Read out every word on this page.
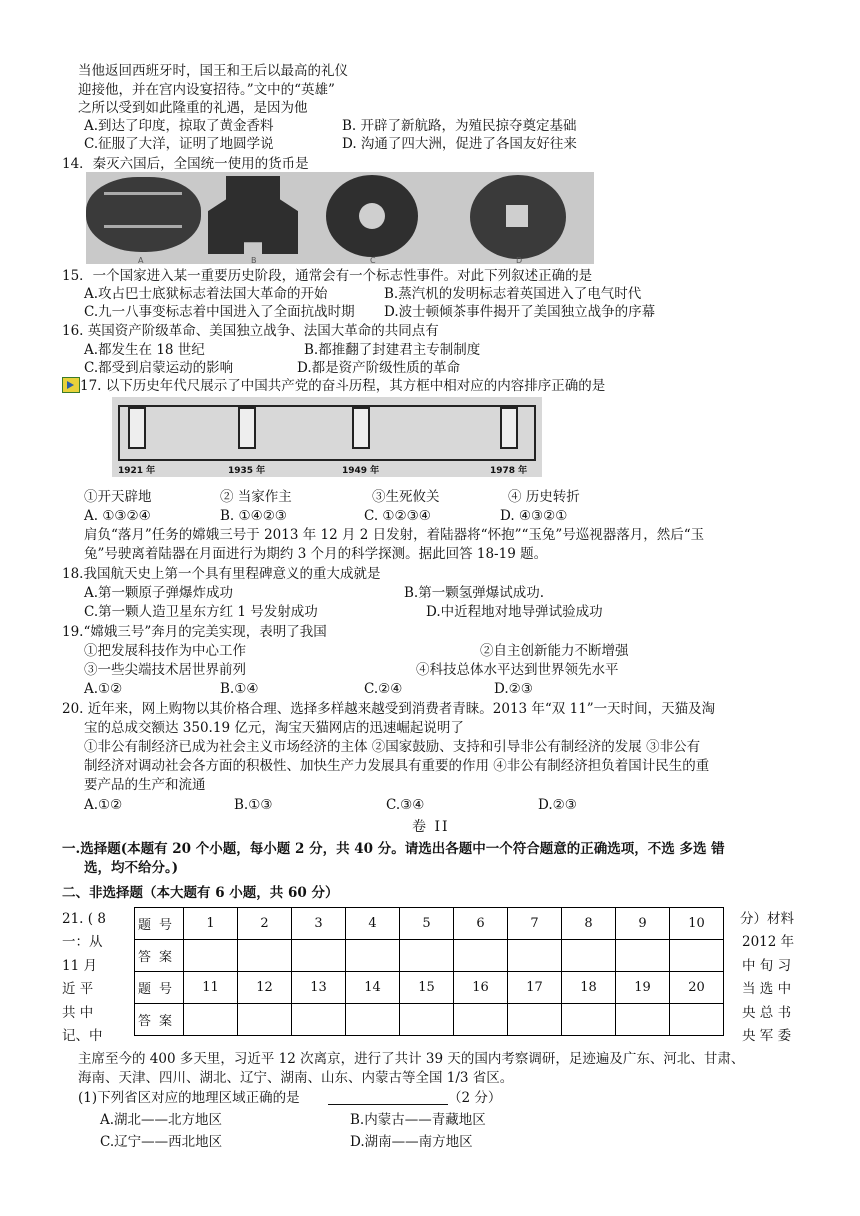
当他返回西班牙时，国王和王后以最高的礼仪
迎接他，并在宫内设宴招待。”文中的“英雄”
之所以受到如此隆重的礼遇，是因为他
A.到达了印度，掠取了黄金香料	B. 开辟了新航路，为殖民掠夺奠定基础
C.征服了大洋，证明了地圆学说	D. 沟通了四大洲，促进了各国友好往来
14．秦灭六国后，全国统一使用的货币是
A	B	C	D
15．一个国家进入某一重要历史阶段，通常会有一个标志性事件。对此下列叙述正确的是
A.攻占巴士底狱标志着法国大革命的开始	B.蒸汽机的发明标志着英国进入了电气时代
C.九一八事变标志着中国进入了全面抗战时期 D.波士顿倾茶事件揭开了美国独立战争的序幕
16. 英国资产阶级革命、美国独立战争、法国大革命的共同点有
A.都发生在 18 世纪	B.都推翻了封建君主专制制度
C.都受到启蒙运动的影响	D.都是资产阶级性质的革命
17. 以下历史年代尺展示了中国共产党的奋斗历程，其方框中相对应的内容排序正确的是
1921 年	1935 年	1949 年	1978 年
①开天辟地	② 当家作主	③生死攸关	④ 历史转折
A. ①③②④	B. ①④②③	C. ①②③④	D. ④③②①
肩负“落月”任务的嫦娥三号于 2013 年 12 月 2 日发射，着陆器将“怀抱”“玉兔”号巡视器落月，然后“玉
兔”号驶离着陆器在月面进行为期约 3 个月的科学探测。据此回答 18-19 题。
18.我国航天史上第一个具有里程碑意义的重大成就是
A.第一颗原子弹爆炸成功	B.第一颗氢弹爆试成功.
C.第一颗人造卫星东方红 1 号发射成功	D.中近程地对地导弹试验成功
19.“嫦娥三号”奔月的完美实现，表明了我国
①把发展科技作为中心工作	②自主创新能力不断增强
③一些尖端技术居世界前列	④科技总体水平达到世界领先水平
A.①②	B.①④	C.②④	D.②③
20. 近年来，网上购物以其价格合理、选择多样越来越受到消费者青睐。2013 年“双 11”一天时间，天猫及淘
宝的总成交额达 350.19 亿元，淘宝天猫网店的迅速崛起说明了
①非公有制经济已成为社会主义市场经济的主体 ②国家鼓励、支持和引导非公有制经济的发展 ③非公有
制经济对调动社会各方面的积极性、加快生产力发展具有重要的作用 ④非公有制经济担负着国计民生的重
要产品的生产和流通
A.①②	B.①③	C.③④	D.②③
卷 II
一.选择题(本题有 20 个小题，每小题 2 分，共 40 分。请选出各题中一个符合题意的正确选项，不选 多选 错
选，均不给分。)
二、非选择题（本大题有 6 小题，共 60 分）
21. ( 8
一：从
11 月
近 平
共 中
记、中
分）材料
2012 年
中 旬 习
当 选 中
央 总 书
央 军 委
题号	1	2	3	4	5	6	7	8	9	10
答案										
题号	11	12	13	14	15	16	17	18	19	20
答案										
主席至今的 400 多天里，习近平 12 次离京，进行了共计 39 天的国内考察调研，足迹遍及广东、河北、甘肃、
海南、天津、四川、湖北、辽宁、湖南、山东、内蒙古等全国 1/3 省区。
(1)下列省区对应的地理区域正确的是	（2 分）
A.湖北——北方地区	B.内蒙古——青藏地区
C.辽宁——西北地区	D.湖南——南方地区
